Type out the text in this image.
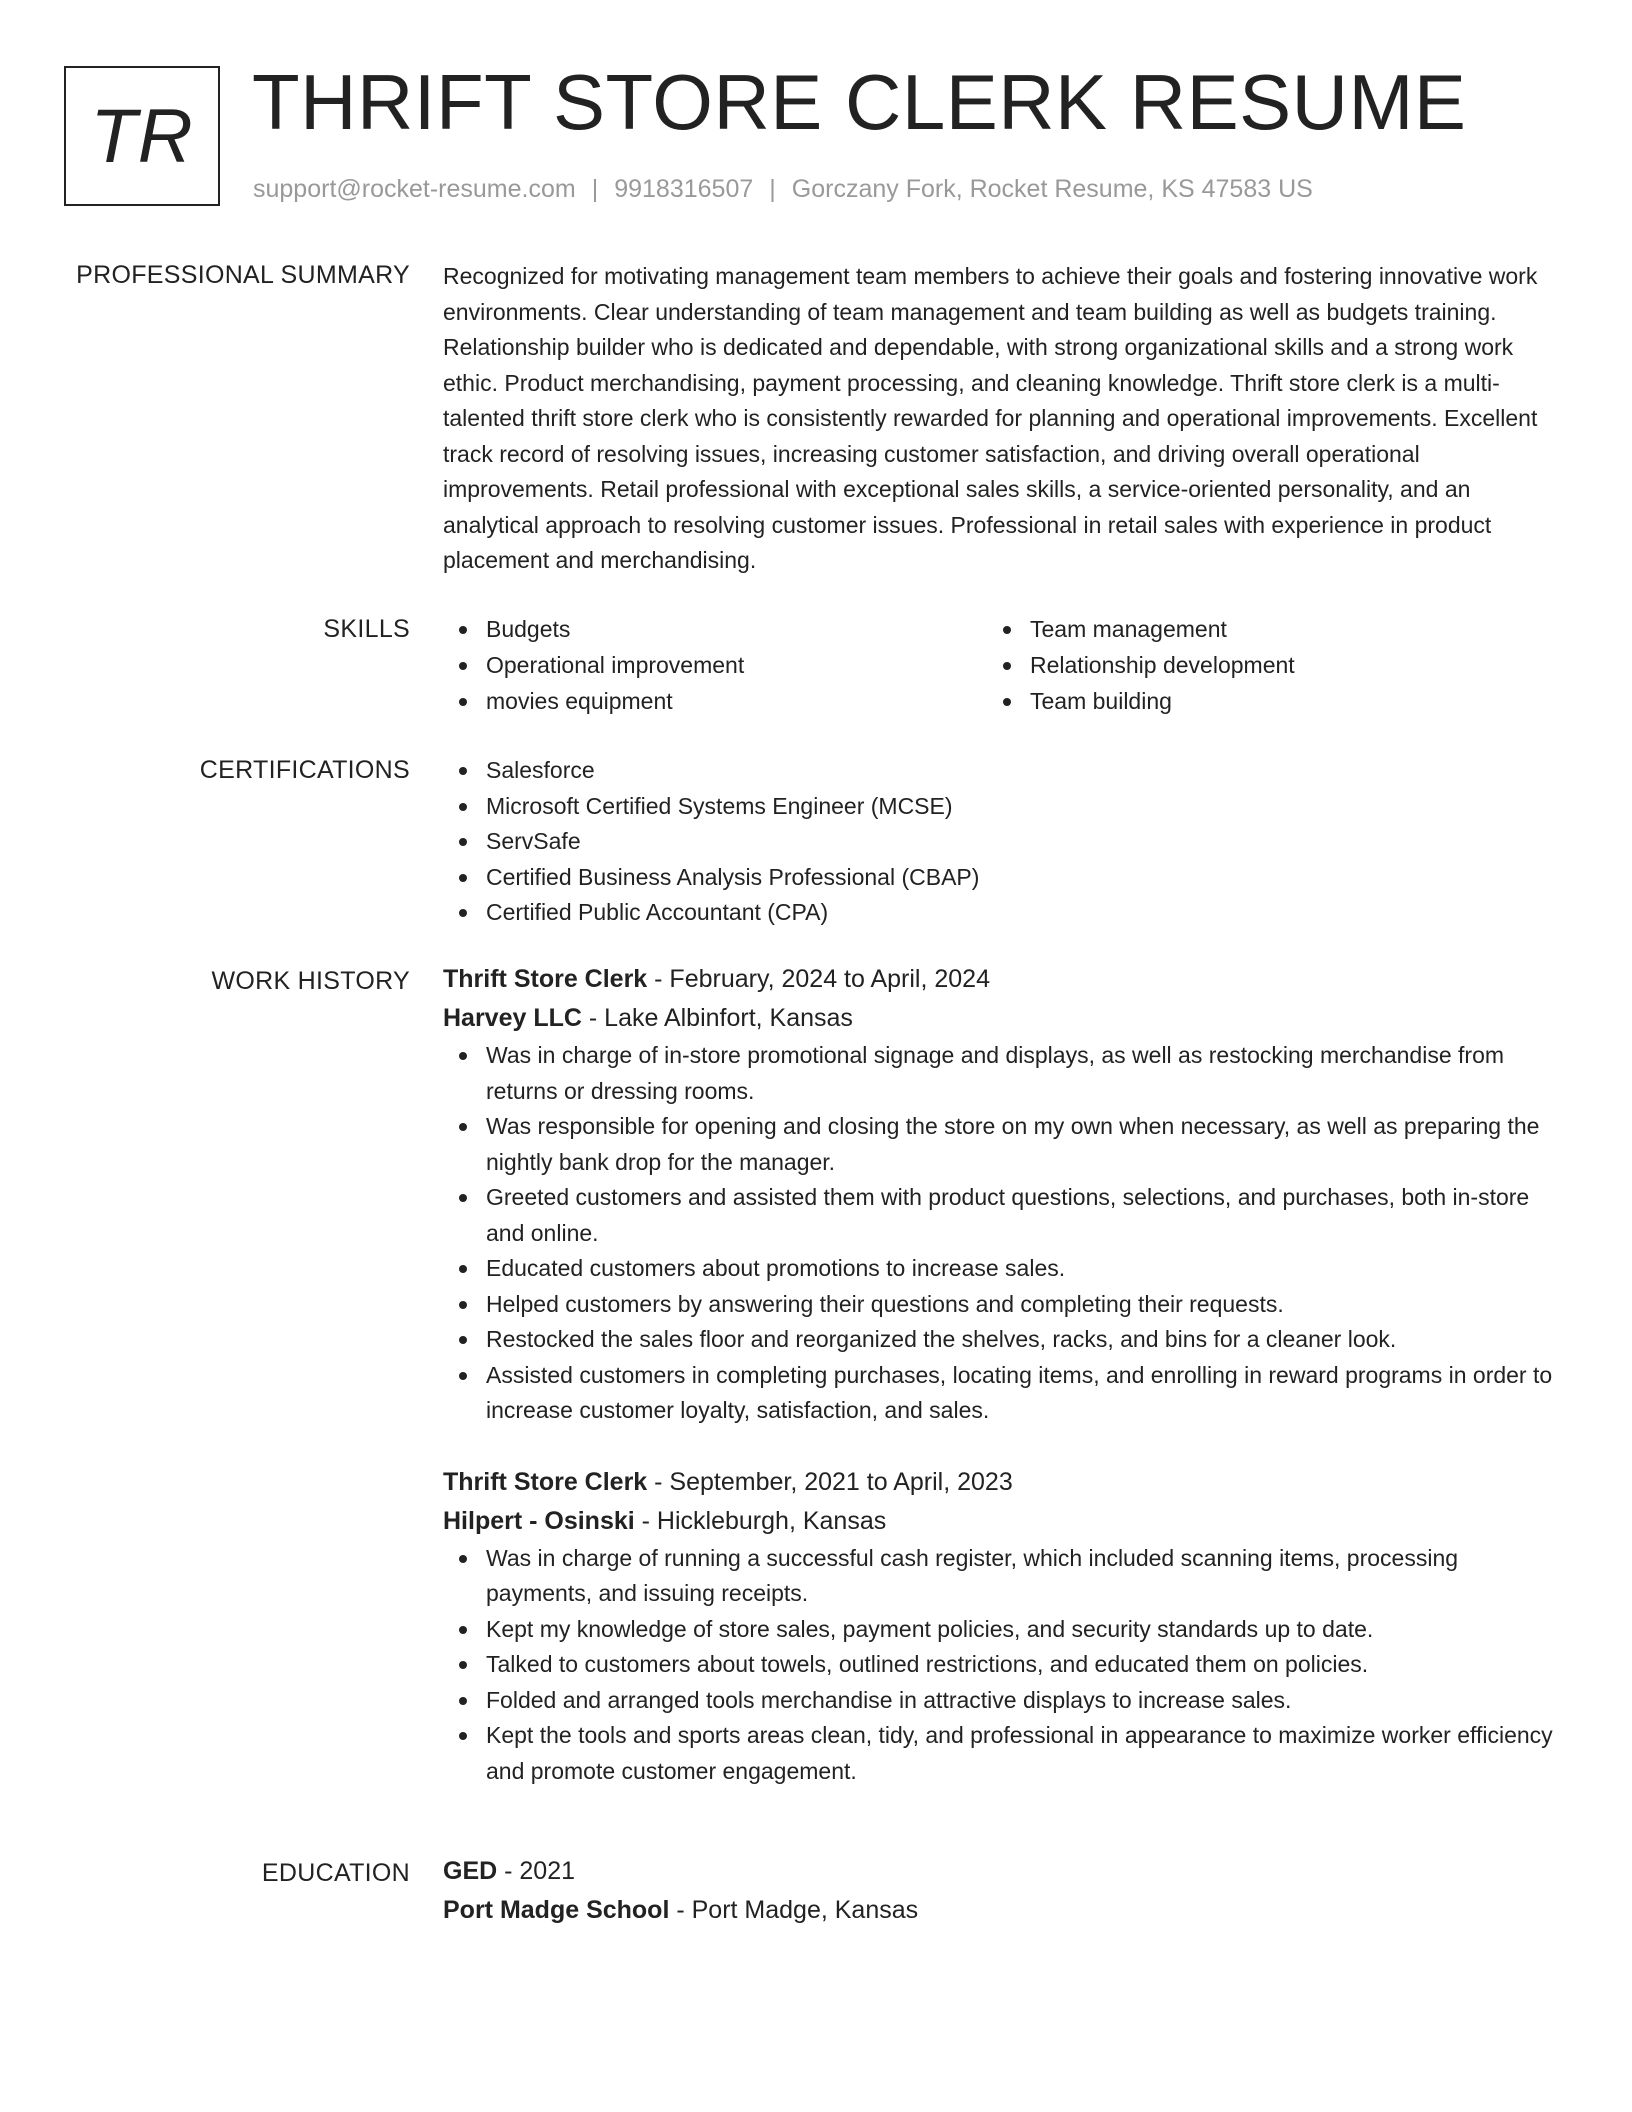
TR THRIFT STORE CLERK RESUME
support@rocket-resume.com | 9918316507 | Gorczany Fork, Rocket Resume, KS 47583 US
PROFESSIONAL SUMMARY Recognized for motivating management team members to achieve their goals and fostering innovative work environments. Clear understanding of team management and team building as well as budgets training. Relationship builder who is dedicated and dependable, with strong organizational skills and a strong work ethic. Product merchandising, payment processing, and cleaning knowledge. Thrift store clerk is a multi-talented thrift store clerk who is consistently rewarded for planning and operational improvements. Excellent track record of resolving issues, increasing customer satisfaction, and driving overall operational improvements. Retail professional with exceptional sales skills, a service-oriented personality, and an analytical approach to resolving customer issues. Professional in retail sales with experience in product placement and merchandising.

SKILLS	Budgets
Operational improvement
movies equipment
Team management
Relationship development
Team building
CERTIFICATIONS	Salesforce
Microsoft Certified Systems Engineer (MCSE)
ServSafe
Certified Business Analysis Professional (CBAP)
Certified Public Accountant (CPA)
WORK HISTORY Thrift Store Clerk - February, 2024 to April, 2024
Harvey LLC - Lake Albinfort, Kansas
Was in charge of in-store promotional signage and displays, as well as restocking merchandise from returns or dressing rooms.
Was responsible for opening and closing the store on my own when necessary, as well as preparing the nightly bank drop for the manager.
Greeted customers and assisted them with product questions, selections, and purchases, both in-store and online.
Educated customers about promotions to increase sales.
Helped customers by answering their questions and completing their requests.
Restocked the sales floor and reorganized the shelves, racks, and bins for a cleaner look.
Assisted customers in completing purchases, locating items, and enrolling in reward programs in order to increase customer loyalty, satisfaction, and sales.
Thrift Store Clerk - September, 2021 to April, 2023
Hilpert - Osinski - Hickleburgh, Kansas
Was in charge of running a successful cash register, which included scanning items, processing payments, and issuing receipts.
Kept my knowledge of store sales, payment policies, and security standards up to date.
Talked to customers about towels, outlined restrictions, and educated them on policies.
Folded and arranged tools merchandise in attractive displays to increase sales.
Kept the tools and sports areas clean, tidy, and professional in appearance to maximize worker efficiency and promote customer engagement.
EDUCATION GED - 2021
Port Madge School - Port Madge, Kansas
